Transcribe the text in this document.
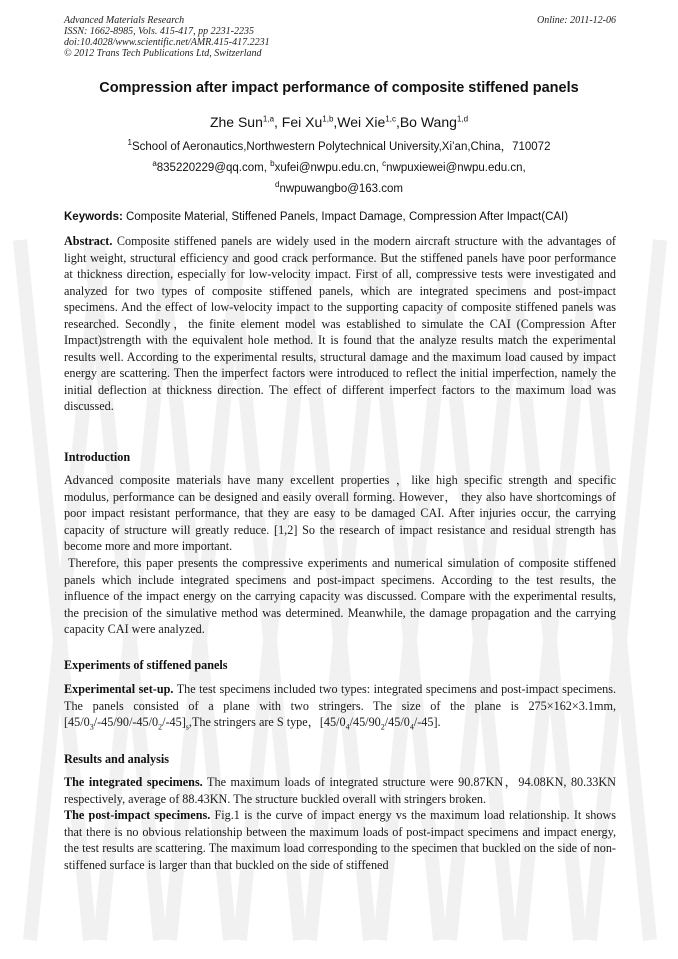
Advanced Materials Research
ISSN: 1662-8985, Vols. 415-417, pp 2231-2235
doi:10.4028/www.scientific.net/AMR.415-417.2231
© 2012 Trans Tech Publications Ltd, Switzerland
Online: 2011-12-06
Compression after impact performance of composite stiffened panels
Zhe Sun$^{1,a}$, Fei Xu$^{1,b}$,Wei Xie$^{1,c}$,Bo Wang$^{1,d}$
$^1$School of Aeronautics,Northwestern Polytechnical University,Xi’an,China，710072
$^a$835220229@qq.com, $^b$xufei@nwpu.edu.cn, $^c$nwpuxiewei@nwpu.edu.cn,
$^d$nwpuwangbo@163.com
Keywords: Composite Material, Stiffened Panels, Impact Damage, Compression After Impact(CAI)
Abstract. Composite stiffened panels are widely used in the modern aircraft structure with the advantages of light weight, structural efficiency and good crack performance. But the stiffened panels have poor performance at thickness direction, especially for low-velocity impact. First of all, compressive tests were investigated and analyzed for two types of composite stiffened panels, which are integrated specimens and post-impact specimens. And the effect of low-velocity impact to the supporting capacity of composite stiffened panels was researched. Secondly，the finite element model was established to simulate the CAI (Compression After Impact)strength with the equivalent hole method. It is found that the analyze results match the experimental results well. According to the experimental results, structural damage and the maximum load caused by impact energy are scattering. Then the imperfect factors were introduced to reflect the initial imperfection, namely the initial deflection at thickness direction. The effect of different imperfect factors to the maximum load was discussed.
Introduction
Advanced composite materials have many excellent properties ，like high specific strength and specific modulus, performance can be designed and easily overall forming. However， they also have shortcomings of poor impact resistant performance, that they are easy to be damaged CAI. After injuries occur, the carrying capacity of structure will greatly reduce. [1,2] So the research of impact resistance and residual strength has become more and more important.
Therefore, this paper presents the compressive experiments and numerical simulation of composite stiffened panels which include integrated specimens and post-impact specimens. According to the test results, the influence of the impact energy on the carrying capacity was discussed. Compare with the experimental results, the precision of the simulative method was determined. Meanwhile, the damage propagation and the carrying capacity CAI were analyzed.
Experiments of stiffened panels
Experimental set-up. The test specimens included two types: integrated specimens and post-impact specimens. The panels consisted of a plane with two stringers. The size of the plane is $275\times 162\times 3.1mm,[45/0_3/-45/90/-45/0_2/-45]_s,The$ stringers are S type，$[45/0_4/45/90_2/45/0_4/-45]$.
Results and analysis
The integrated specimens. The maximum loads of integrated structure were 90.87KN，94.08KN, 80.33KN respectively, average of 88.43KN. The structure buckled overall with stringers broken.
The post-impact specimens. Fig.1 is the curve of impact energy vs the maximum load relationship. It shows that there is no obvious relationship between the maximum loads of post-impact specimens and impact energy, the test results are scattering. The maximum load corresponding to the specimen that buckled on the side of non-stiffened surface is larger than that buckled on the side of stiffened
